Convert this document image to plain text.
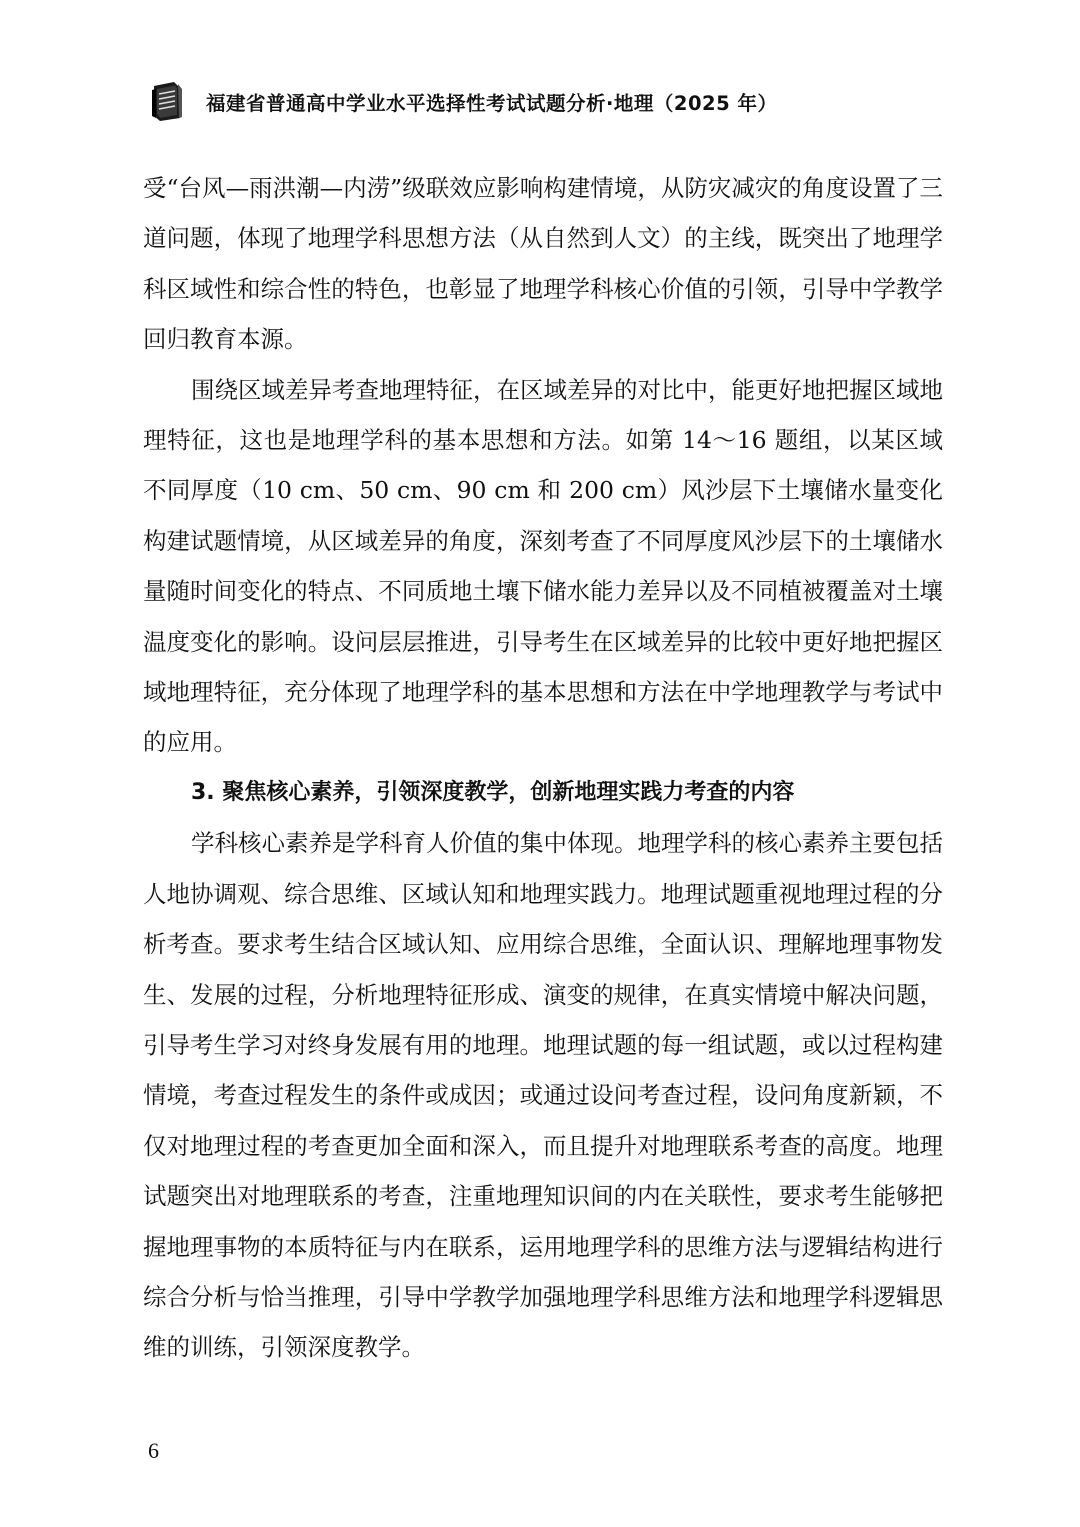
福建省普通高中学业水平选择性考试试题分析·地理（2025 年）

受“台风—雨洪潮—内涝”级联效应影响构建情境，从防灾减灾的角度设置了三道问题，体现了地理学科思想方法（从自然到人文）的主线，既突出了地理学科区域性和综合性的特色，也彰显了地理学科核心价值的引领，引导中学教学回归教育本源。

围绕区域差异考查地理特征，在区域差异的对比中，能更好地把握区域地理特征，这也是地理学科的基本思想和方法。如第 14～16 题组，以某区域不同厚度（10 cm、50 cm、90 cm 和 200 cm）风沙层下土壤储水量变化构建试题情境，从区域差异的角度，深刻考查了不同厚度风沙层下的土壤储水量随时间变化的特点、不同质地土壤下储水能力差异以及不同植被覆盖对土壤温度变化的影响。设问层层推进，引导考生在区域差异的比较中更好地把握区域地理特征，充分体现了地理学科的基本思想和方法在中学地理教学与考试中的应用。

3. 聚焦核心素养，引领深度教学，创新地理实践力考查的内容

学科核心素养是学科育人价值的集中体现。地理学科的核心素养主要包括人地协调观、综合思维、区域认知和地理实践力。地理试题重视地理过程的分析考查。要求考生结合区域认知、应用综合思维，全面认识、理解地理事物发生、发展的过程，分析地理特征形成、演变的规律，在真实情境中解决问题，引导考生学习对终身发展有用的地理。地理试题的每一组试题，或以过程构建情境，考查过程发生的条件或成因；或通过设问考查过程，设问角度新颖，不仅对地理过程的考查更加全面和深入，而且提升对地理联系考查的高度。地理试题突出对地理联系的考查，注重地理知识间的内在关联性，要求考生能够把握地理事物的本质特征与内在联系，运用地理学科的思维方法与逻辑结构进行综合分析与恰当推理，引导中学教学加强地理学科思维方法和地理学科逻辑思维的训练，引领深度教学。

6
